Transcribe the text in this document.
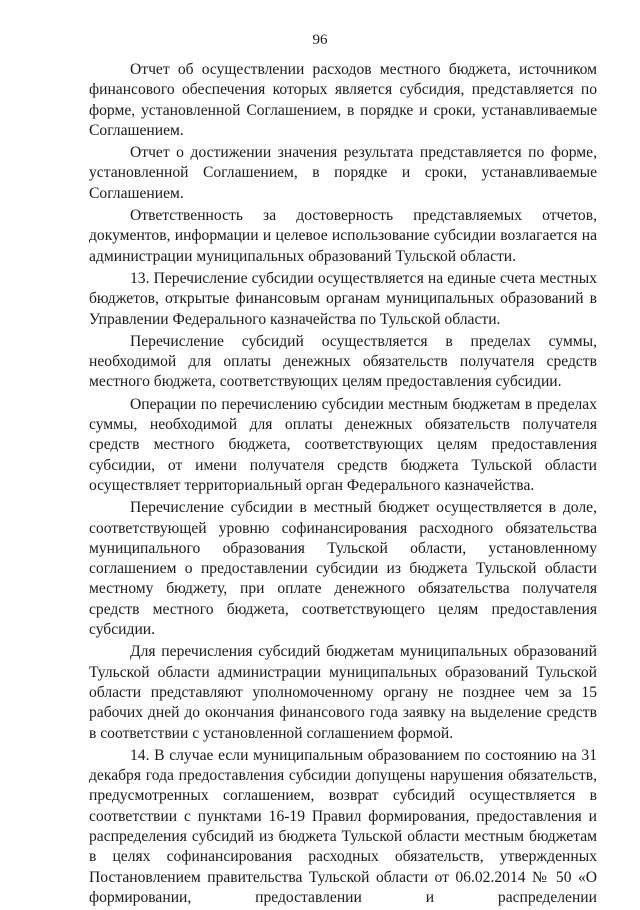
96

Отчет об осуществлении расходов местного бюджета, источником финансового обеспечения которых является субсидия, представляется по форме, установленной Соглашением, в порядке и сроки, устанавливаемые Соглашением.

Отчет о достижении значения результата представляется по форме, установленной Соглашением, в порядке и сроки, устанавливаемые Соглашением.

Ответственность за достоверность представляемых отчетов, документов, информации и целевое использование субсидии возлагается на администрации муниципальных образований Тульской области.

13. Перечисление субсидии осуществляется на единые счета местных бюджетов, открытые финансовым органам муниципальных образований в Управлении Федерального казначейства по Тульской области.

Перечисление субсидий осуществляется в пределах суммы, необходимой для оплаты денежных обязательств получателя средств местного бюджета, соответствующих целям предоставления субсидии.

Операции по перечислению субсидии местным бюджетам в пределах суммы, необходимой для оплаты денежных обязательств получателя средств местного бюджета, соответствующих целям предоставления субсидии, от имени получателя средств бюджета Тульской области осуществляет территориальный орган Федерального казначейства.

Перечисление субсидии в местный бюджет осуществляется в доле, соответствующей уровню софинансирования расходного обязательства муниципального образования Тульской области, установленному соглашением о предоставлении субсидии из бюджета Тульской области местному бюджету, при оплате денежного обязательства получателя средств местного бюджета, соответствующего целям предоставления субсидии.

Для перечисления субсидий бюджетам муниципальных образований Тульской области администрации муниципальных образований Тульской области представляют уполномоченному органу не позднее чем за 15 рабочих дней до окончания финансового года заявку на выделение средств в соответствии с установленной соглашением формой.

14. В случае если муниципальным образованием по состоянию на 31 декабря года предоставления субсидии допущены нарушения обязательств, предусмотренных соглашением, возврат субсидий осуществляется в соответствии с пунктами 16-19 Правил формирования, предоставления и распределения субсидий из бюджета Тульской области местным бюджетам в целях софинансирования расходных обязательств, утвержденных Постановлением правительства Тульской области от 06.02.2014 № 50 «О формировании, предоставлении и распределении
